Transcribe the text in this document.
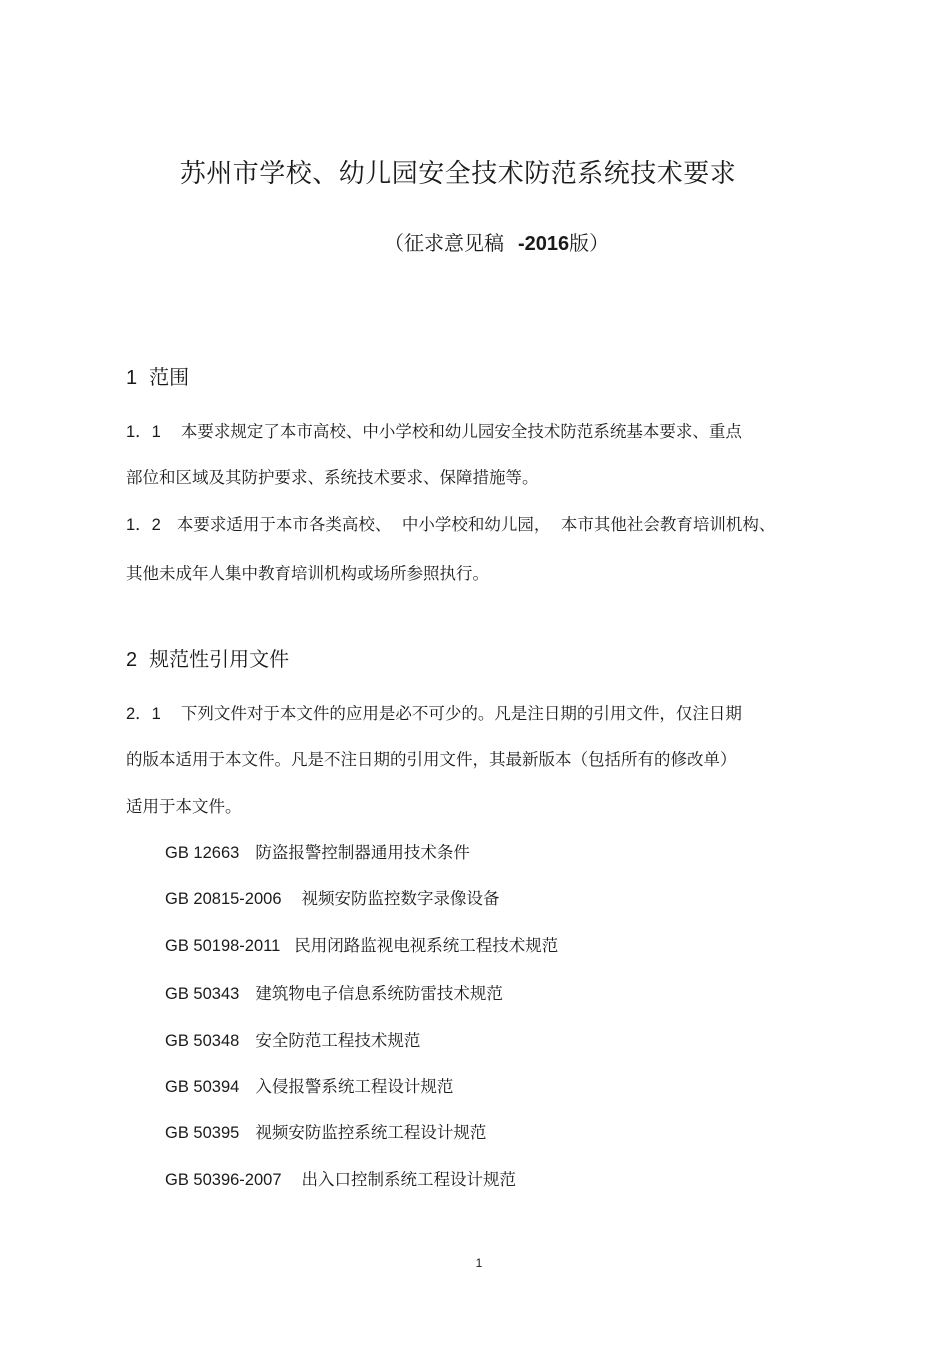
苏州市学校、幼儿园安全技术防范系统技术要求
（征求意见稿 -2016版）
1 范围
1．1 本要求规定了本市高校、中小学校和幼儿园安全技术防范系统基本要求、重点
部位和区域及其防护要求、系统技术要求、保障措施等。
1．2 本要求适用于本市各类高校、  中小学校和幼儿园，  本市其他社会教育培训机构、
其他未成年人集中教育培训机构或场所参照执行。
2 规范性引用文件
2．1 下列文件对于本文件的应用是必不可少的。凡是注日期的引用文件，仅注日期
的版本适用于本文件。凡是不注日期的引用文件，其最新版本（包括所有的修改单）
适用于本文件。
GB 12663 防盗报警控制器通用技术条件
GB 20815-2006 视频安防监控数字录像设备
GB 50198-2011 民用闭路监视电视系统工程技术规范
GB 50343 建筑物电子信息系统防雷技术规范
GB 50348 安全防范工程技术规范
GB 50394 入侵报警系统工程设计规范
GB 50395 视频安防监控系统工程设计规范
GB 50396-2007 出入口控制系统工程设计规范
1
